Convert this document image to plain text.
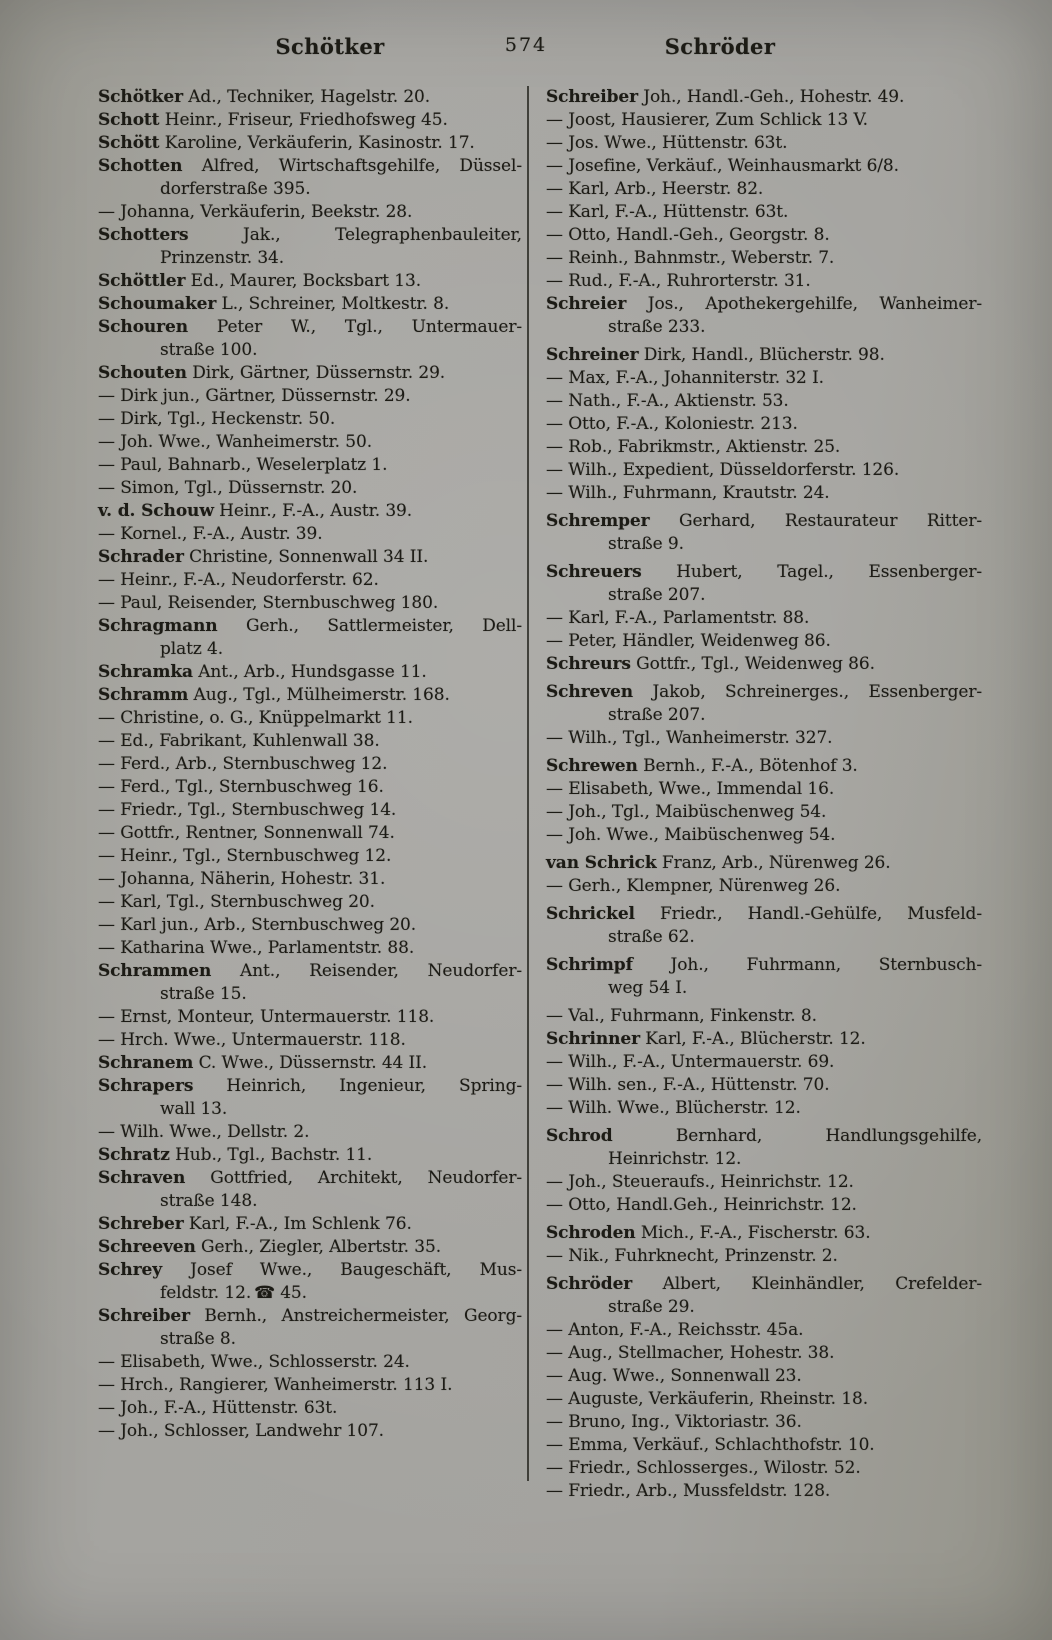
Schötker	574	Schröder
Schötker Ad., Techniker, Hagelstr. 20.
Schott Heinr., Friseur, Friedhofsweg 45.
Schött Karoline, Verkäuferin, Kasinostr. 17.
Schotten Alfred, Wirtschaftsgehilfe, Düssel-
dorferstraße 395.
— Johanna, Verkäuferin, Beekstr. 28.
Schotters Jak., Telegraphenbauleiter,
Prinzenstr. 34.
Schöttler Ed., Maurer, Bocksbart 13.
Schoumaker L., Schreiner, Moltkestr. 8.
Schouren Peter W., Tgl., Untermauer-
straße 100.
Schouten Dirk, Gärtner, Düssernstr. 29.
— Dirk jun., Gärtner, Düssernstr. 29.
— Dirk, Tgl., Heckenstr. 50.
— Joh. Wwe., Wanheimerstr. 50.
— Paul, Bahnarb., Weselerplatz 1.
— Simon, Tgl., Düssernstr. 20.
v. d. Schouw Heinr., F.-A., Austr. 39.
— Kornel., F.-A., Austr. 39.
Schrader Christine, Sonnenwall 34 II.
— Heinr., F.-A., Neudorferstr. 62.
— Paul, Reisender, Sternbuschweg 180.
Schragmann Gerh., Sattlermeister, Dell-
platz 4.
Schramka Ant., Arb., Hundsgasse 11.
Schramm Aug., Tgl., Mülheimerstr. 168.
— Christine, o. G., Knüppelmarkt 11.
— Ed., Fabrikant, Kuhlenwall 38.
— Ferd., Arb., Sternbuschweg 12.
— Ferd., Tgl., Sternbuschweg 16.
— Friedr., Tgl., Sternbuschweg 14.
— Gottfr., Rentner, Sonnenwall 74.
— Heinr., Tgl., Sternbuschweg 12.
— Johanna, Näherin, Hohestr. 31.
— Karl, Tgl., Sternbuschweg 20.
— Karl jun., Arb., Sternbuschweg 20.
— Katharina Wwe., Parlamentstr. 88.
Schrammen Ant., Reisender, Neudorfer-
straße 15.
— Ernst, Monteur, Untermauerstr. 118.
— Hrch. Wwe., Untermauerstr. 118.
Schranem C. Wwe., Düssernstr. 44 II.
Schrapers Heinrich, Ingenieur, Spring-
wall 13.
— Wilh. Wwe., Dellstr. 2.
Schratz Hub., Tgl., Bachstr. 11.
Schraven Gottfried, Architekt, Neudorfer-
straße 148.
Schreber Karl, F.-A., Im Schlenk 76.
Schreeven Gerh., Ziegler, Albertstr. 35.
Schrey Josef Wwe., Baugeschäft, Mus-
feldstr. 12. ☎ 45.
Schreiber Bernh., Anstreichermeister, Georg-
straße 8.
— Elisabeth, Wwe., Schlosserstr. 24.
— Hrch., Rangierer, Wanheimerstr. 113 I.
— Joh., F.-A., Hüttenstr. 63t.
— Joh., Schlosser, Landwehr 107.
Schreiber Joh., Handl.-Geh., Hohestr. 49.
— Joost, Hausierer, Zum Schlick 13 V.
— Jos. Wwe., Hüttenstr. 63t.
— Josefine, Verkäuf., Weinhausmarkt 6/8.
— Karl, Arb., Heerstr. 82.
— Karl, F.-A., Hüttenstr. 63t.
— Otto, Handl.-Geh., Georgstr. 8.
— Reinh., Bahnmstr., Weberstr. 7.
— Rud., F.-A., Ruhrorterstr. 31.
Schreier Jos., Apothekergehilfe, Wanheimer-
straße 233.
Schreiner Dirk, Handl., Blücherstr. 98.
— Max, F.-A., Johanniterstr. 32 I.
— Nath., F.-A., Aktienstr. 53.
— Otto, F.-A., Koloniestr. 213.
— Rob., Fabrikmstr., Aktienstr. 25.
— Wilh., Expedient, Düsseldorferstr. 126.
— Wilh., Fuhrmann, Krautstr. 24.
Schremper Gerhard, Restaurateur Ritter-
straße 9.
Schreuers Hubert, Tagel., Essenberger-
straße 207.
— Karl, F.-A., Parlamentstr. 88.
— Peter, Händler, Weidenweg 86.
Schreurs Gottfr., Tgl., Weidenweg 86.
Schreven Jakob, Schreinerges., Essenberger-
straße 207.
— Wilh., Tgl., Wanheimerstr. 327.
Schrewen Bernh., F.-A., Bötenhof 3.
— Elisabeth, Wwe., Immendal 16.
— Joh., Tgl., Maibüschenweg 54.
— Joh. Wwe., Maibüschenweg 54.
van Schrick Franz, Arb., Nürenweg 26.
— Gerh., Klempner, Nürenweg 26.
Schrickel Friedr., Handl.-Gehülfe, Musfeld-
straße 62.
Schrimpf Joh., Fuhrmann, Sternbusch-
weg 54 I.
— Val., Fuhrmann, Finkenstr. 8.
Schrinner Karl, F.-A., Blücherstr. 12.
— Wilh., F.-A., Untermauerstr. 69.
— Wilh. sen., F.-A., Hüttenstr. 70.
— Wilh. Wwe., Blücherstr. 12.
Schrod Bernhard, Handlungsgehilfe,
Heinrichstr. 12.
— Joh., Steueraufs., Heinrichstr. 12.
— Otto, Handl.Geh., Heinrichstr. 12.
Schroden Mich., F.-A., Fischerstr. 63.
— Nik., Fuhrknecht, Prinzenstr. 2.
Schröder Albert, Kleinhändler, Crefelder-
straße 29.
— Anton, F.-A., Reichsstr. 45a.
— Aug., Stellmacher, Hohestr. 38.
— Aug. Wwe., Sonnenwall 23.
— Auguste, Verkäuferin, Rheinstr. 18.
— Bruno, Ing., Viktoriastr. 36.
— Emma, Verkäuf., Schlachthofstr. 10.
— Friedr., Schlosserges., Wilostr. 52.
— Friedr., Arb., Mussfeldstr. 128.
